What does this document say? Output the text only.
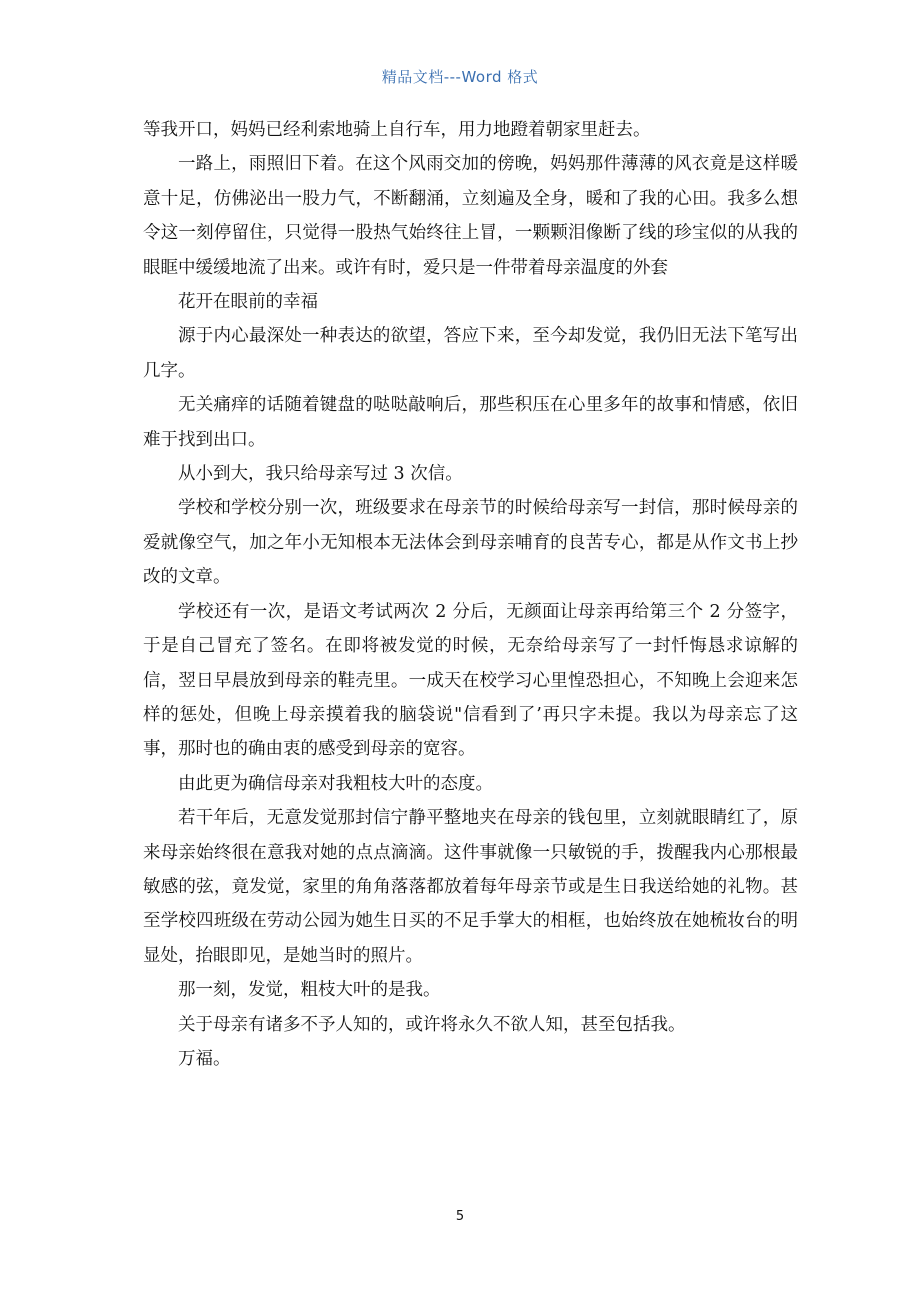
精品文档---Word 格式

等我开口，妈妈已经利索地骑上自行车，用力地蹬着朝家里赶去。

一路上，雨照旧下着。在这个风雨交加的傍晚，妈妈那件薄薄的风衣竟是这样暖意十足，仿佛泌出一股力气，不断翻涌，立刻遍及全身，暖和了我的心田。我多么想令这一刻停留住，只觉得一股热气始终往上冒，一颗颗泪像断了线的珍宝似的从我的眼眶中缓缓地流了出来。或许有时，爱只是一件带着母亲温度的外套

花开在眼前的幸福

源于内心最深处一种表达的欲望，答应下来，至今却发觉，我仍旧无法下笔写出几字。

无关痛痒的话随着键盘的哒哒敲响后，那些积压在心里多年的故事和情感，依旧难于找到出口。

从小到大，我只给母亲写过 3 次信。

学校和学校分别一次，班级要求在母亲节的时候给母亲写一封信，那时候母亲的爱就像空气，加之年小无知根本无法体会到母亲哺育的良苦专心，都是从作文书上抄改的文章。

学校还有一次，是语文考试两次 2 分后，无颜面让母亲再给第三个 2 分签字，于是自己冒充了签名。在即将被发觉的时候，无奈给母亲写了一封忏悔恳求谅解的信，翌日早晨放到母亲的鞋壳里。一成天在校学习心里惶恐担心，不知晚上会迎来怎样的惩处，但晚上母亲摸着我的脑袋说"信看到了’再只字未提。我以为母亲忘了这事，那时也的确由衷的感受到母亲的宽容。

由此更为确信母亲对我粗枝大叶的态度。

若干年后，无意发觉那封信宁静平整地夹在母亲的钱包里，立刻就眼睛红了，原来母亲始终很在意我对她的点点滴滴。这件事就像一只敏锐的手，拨醒我内心那根最敏感的弦，竟发觉，家里的角角落落都放着每年母亲节或是生日我送给她的礼物。甚至学校四班级在劳动公园为她生日买的不足手掌大的相框，也始终放在她梳妆台的明显处，抬眼即见，是她当时的照片。

那一刻，发觉，粗枝大叶的是我。

关于母亲有诸多不予人知的，或许将永久不欲人知，甚至包括我。

万福。

5
